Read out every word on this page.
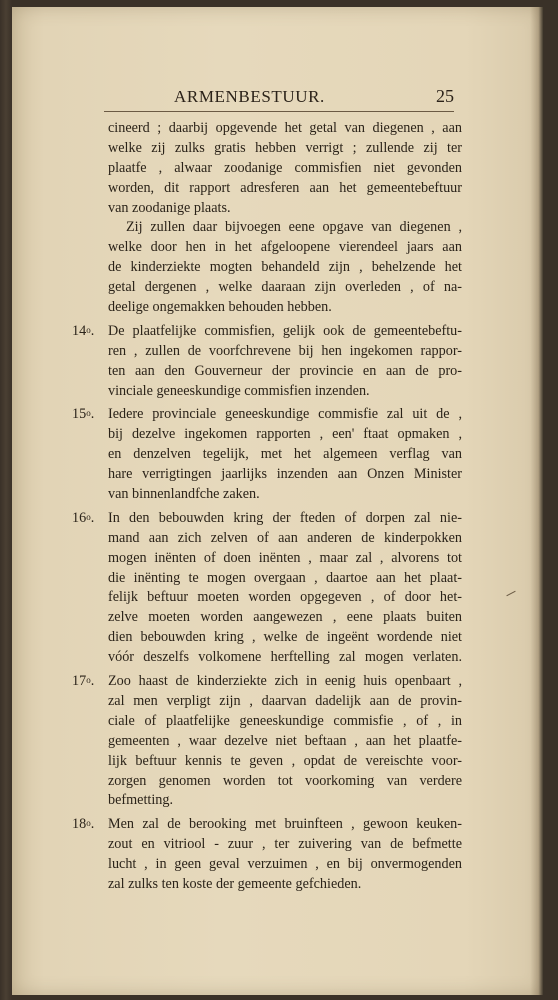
ARMENBESTUUR.	25
cineerd ; daarbij opgevende het getal van diegenen , aan
welke zij zulks gratis hebben verrigt ; zullende zij ter
plaatfe , alwaar zoodanige commisfien niet gevonden
worden, dit rapport adresferen aan het gemeentebeftuur
van zoodanige plaats.
Zij zullen daar bijvoegen eene opgave van diegenen ,
welke door hen in het afgeloopene vierendeel jaars aan
de kinderziekte mogten behandeld zijn , behelzende het
getal dergenen , welke daaraan zijn overleden , of na-
deelige ongemakken behouden hebben.
14$^o$. De plaatfelijke commisfien, gelijk ook de gemeentebeftu-
ren , zullen de voorfchrevene bij hen ingekomen rappor-
ten aan den Gouverneur der provincie en aan de pro-
vinciale geneeskundige commisfien inzenden.
15$^o$. Iedere provinciale geneeskundige commisfie zal uit de ,
bij dezelve ingekomen rapporten , een' ftaat opmaken ,
en denzelven tegelijk, met het algemeen verflag van
hare verrigtingen jaarlijks inzenden aan Onzen Minister
van binnenlandfche zaken.
16$^o$. In den bebouwden kring der fteden of dorpen zal nie-
mand aan zich zelven of aan anderen de kinderpokken
mogen inënten of doen inënten , maar zal , alvorens tot
die inënting te mogen overgaan , daartoe aan het plaat-
felijk beftuur moeten worden opgegeven , of door het-
zelve moeten worden aangewezen , eene plaats buiten
dien bebouwden kring , welke de ingeënt wordende niet
vóór deszelfs volkomene herftelling zal mogen verlaten.
17$^o$. Zoo haast de kinderziekte zich in eenig huis openbaart ,
zal men verpligt zijn , daarvan dadelijk aan de provin-
ciale of plaatfelijke geneeskundige commisfie , of , in
gemeenten , waar dezelve niet beftaan , aan het plaatfe-
lijk beftuur kennis te geven , opdat de vereischte voor-
zorgen genomen worden tot voorkoming van verdere
befmetting.
18$^o$. Men zal de berooking met bruinfteen , gewoon keuken-
zout en vitriool - zuur , ter zuivering van de befmette
lucht , in geen geval verzuimen , en bij onvermogenden
zal zulks ten koste der gemeente gefchieden.
